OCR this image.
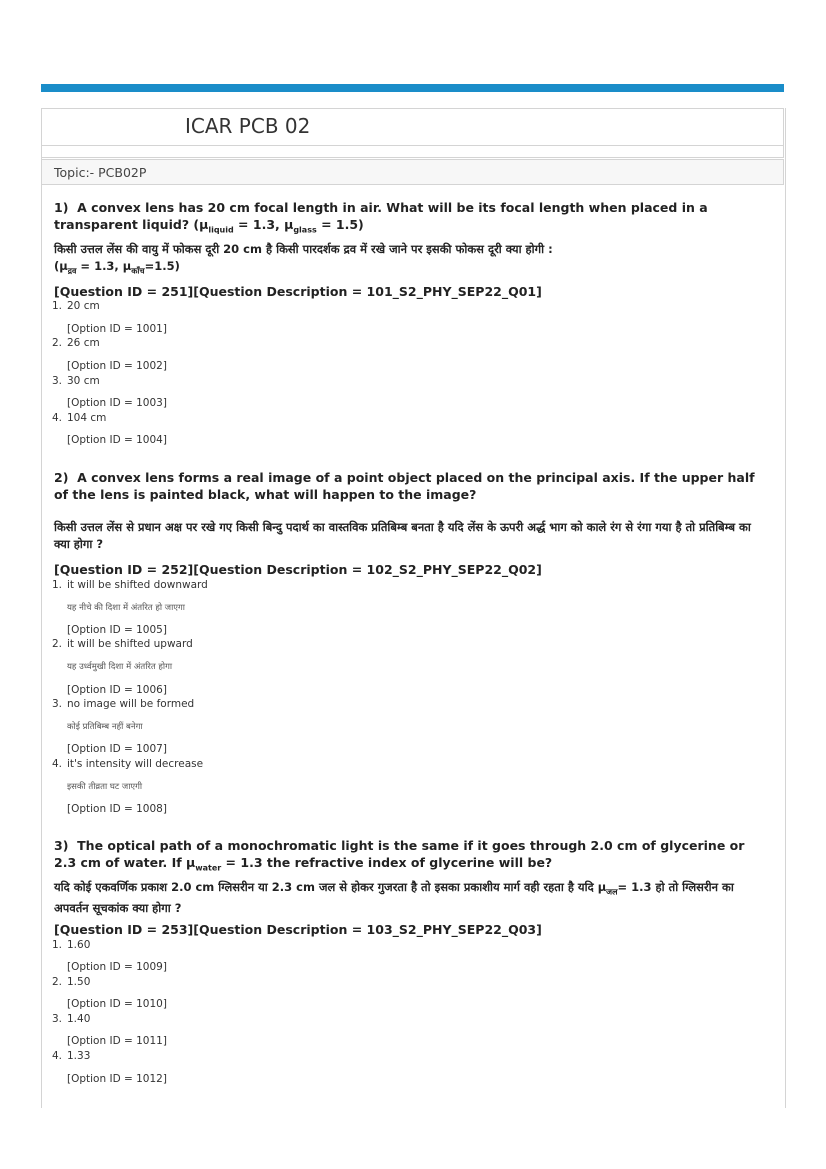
ICAR PCB 02
Topic:- PCB02P
1) A convex lens has 20 cm focal length in air. What will be its focal length when placed in a transparent liquid? ($\mu_{liquid} = 1.3$, $\mu_{glass} = 1.5$)
किसी उत्तल लेंस की वायु में फोकस दूरी 20 cm है किसी पारदर्शक द्रव में रखे जाने पर इसकी फोकस दूरी क्या होगी :
($\mu_{द्रव} = 1.3$, $\mu_{काँच}=1.5$)
[Question ID = 251][Question Description = 101_S2_PHY_SEP22_Q01]
1. 20 cm
[Option ID = 1001]
2. 26 cm
[Option ID = 1002]
3. 30 cm
[Option ID = 1003]
4. 104 cm
[Option ID = 1004]
2) A convex lens forms a real image of a point object placed on the principal axis. If the upper half of the lens is painted black, what will happen to the image?
किसी उत्तल लेंस से प्रधान अक्ष पर रखे गए किसी बिन्दु पदार्थ का वास्तविक प्रतिबिम्ब बनता है यदि लेंस के ऊपरी अर्द्ध भाग को काले रंग से रंगा गया है तो प्रतिबिम्ब का क्या होगा ?
[Question ID = 252][Question Description = 102_S2_PHY_SEP22_Q02]
1. it will be shifted downward
यह नीचे की दिशा में अंतरित हो जाएगा
[Option ID = 1005]
2. it will be shifted upward
यह उर्ध्वमुखी दिशा में अंतरित होगा
[Option ID = 1006]
3. no image will be formed
कोई प्रतिबिम्ब नहीं बनेगा
[Option ID = 1007]
4. it's intensity will decrease
इसकी तीव्रता घट जाएगी
[Option ID = 1008]
3) The optical path of a monochromatic light is the same if it goes through 2.0 cm of glycerine or 2.3 cm of water. If $\mu_{water} = 1.3$ the refractive index of glycerine will be?
यदि कोई एकवर्णिक प्रकाश 2.0 cm ग्लिसरीन या 2.3 cm जल से होकर गुजरता है तो इसका प्रकाशीय मार्ग वही रहता है यदि $\mu_{जल}= 1.3$ हो तो ग्लिसरीन का अपवर्तन सूचकांक क्या होगा ?
[Question ID = 253][Question Description = 103_S2_PHY_SEP22_Q03]
1. 1.60
[Option ID = 1009]
2. 1.50
[Option ID = 1010]
3. 1.40
[Option ID = 1011]
4. 1.33
[Option ID = 1012]
